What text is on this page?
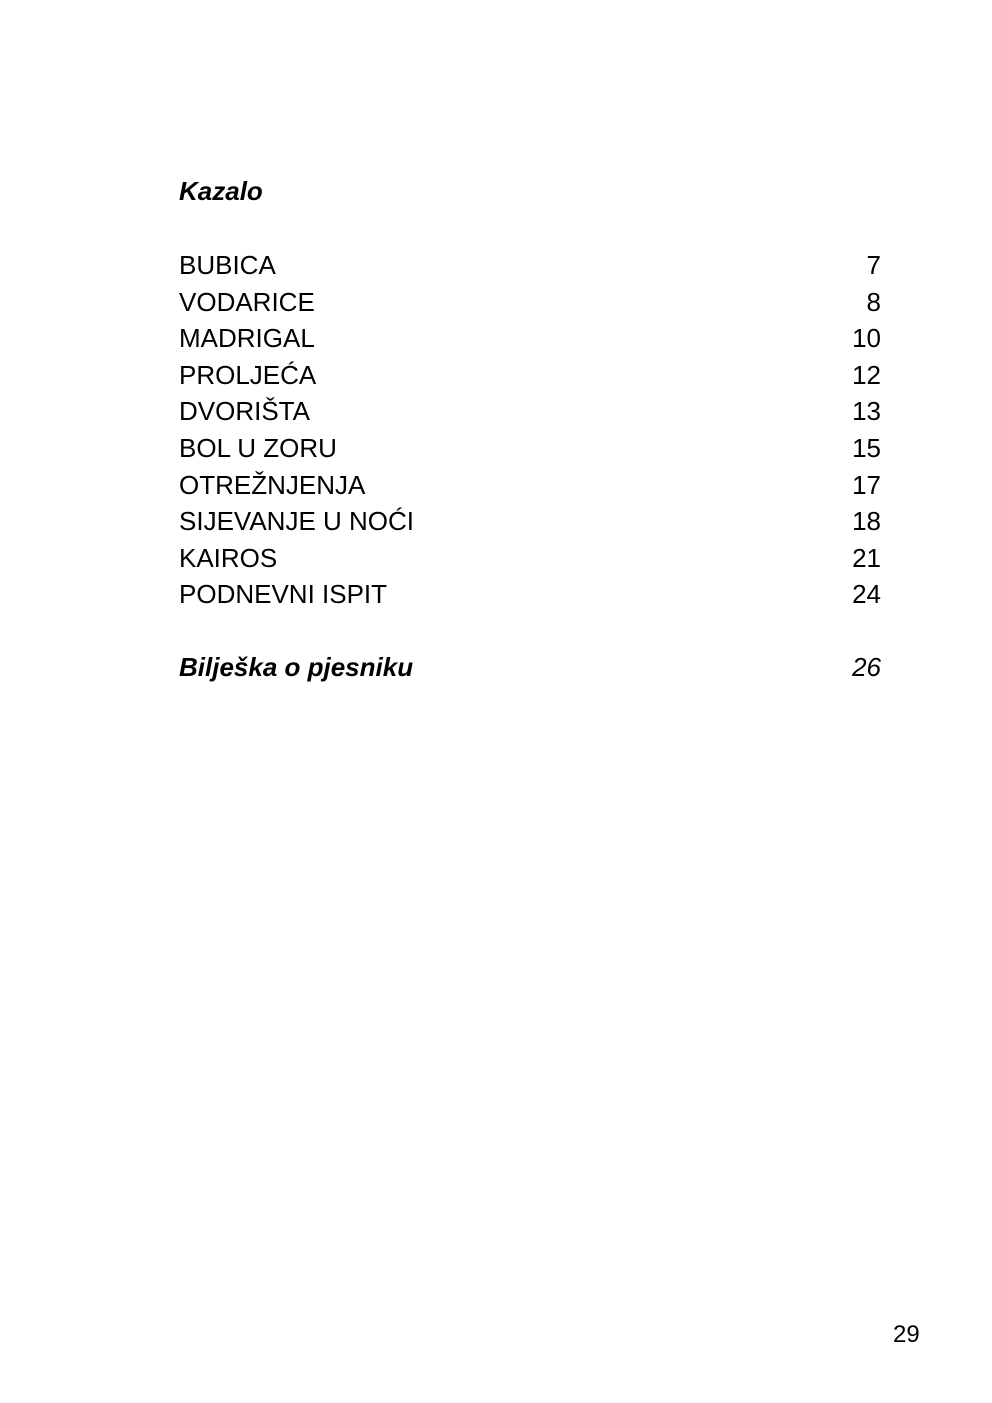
Kazalo
BUBICA	7
VODARICE	8
MADRIGAL	10
PROLJEĆA	12
DVORIŠTA	13
BOL U ZORU	15
OTREŽNJENJA	17
SIJEVANJE U NOĆI	18
KAIROS	21
PODNEVNI ISPIT	24
Bilješka o pjesniku	26
29
